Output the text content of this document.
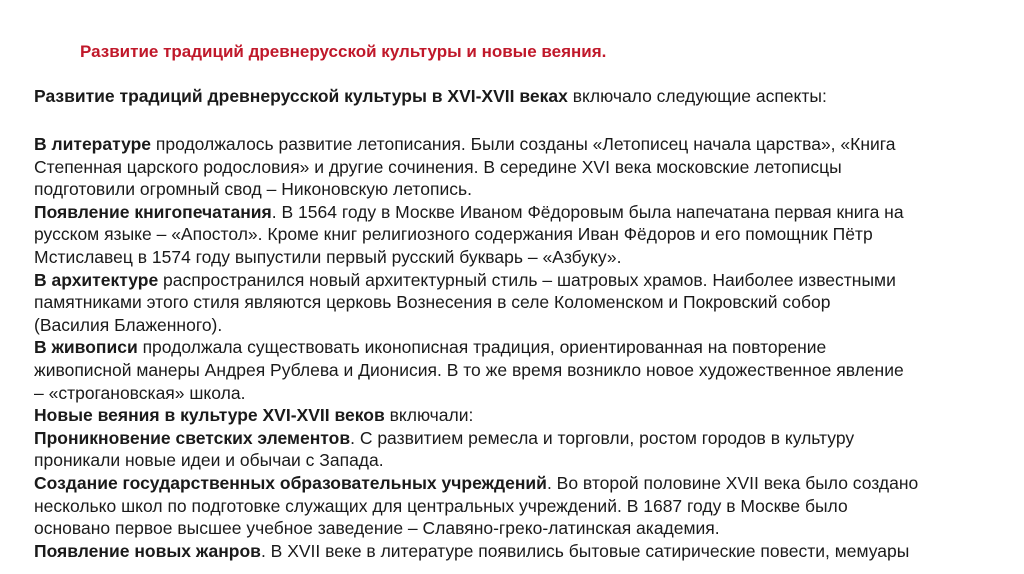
Развитие традиций древнерусской культуры и новые веяния.
Развитие традиций древнерусской культуры в XVI-XVII веках включало следующие аспекты:

В литературе продолжалось развитие летописания. Были созданы «Летописец начала царства», «Книга
Степенная царского родословия» и другие сочинения. В середине XVI века московские летописцы
подготовили огромный свод – Никоновскую летопись.

Появление книгопечатания. В 1564 году в Москве Иваном Фёдоровым была напечатана первая книга на
русском языке – «Апостол». Кроме книг религиозного содержания Иван Фёдоров и его помощник Пётр
Мстиславец в 1574 году выпустили первый русский букварь – «Азбуку».

В архитектуре распространился новый архитектурный стиль – шатровых храмов. Наиболее известными
памятниками этого стиля являются церковь Вознесения в селе Коломенском и Покровский собор
(Василия Блаженного).

В живописи продолжала существовать иконописная традиция, ориентированная на повторение
живописной манеры Андрея Рублева и Дионисия. В то же время возникло новое художественное явление
– «строгановская» школа.

Новые веяния в культуре XVI-XVII веков включали:

Проникновение светских элементов. С развитием ремесла и торговли, ростом городов в культуру
проникали новые идеи и обычаи с Запада.

Создание государственных образовательных учреждений. Во второй половине XVII века было создано
несколько школ по подготовке служащих для центральных учреждений. В 1687 году в Москве было
основано первое высшее учебное заведение – Славяно-греко-латинская академия.

Появление новых жанров. В XVII веке в литературе появились бытовые сатирические повести, мемуары
